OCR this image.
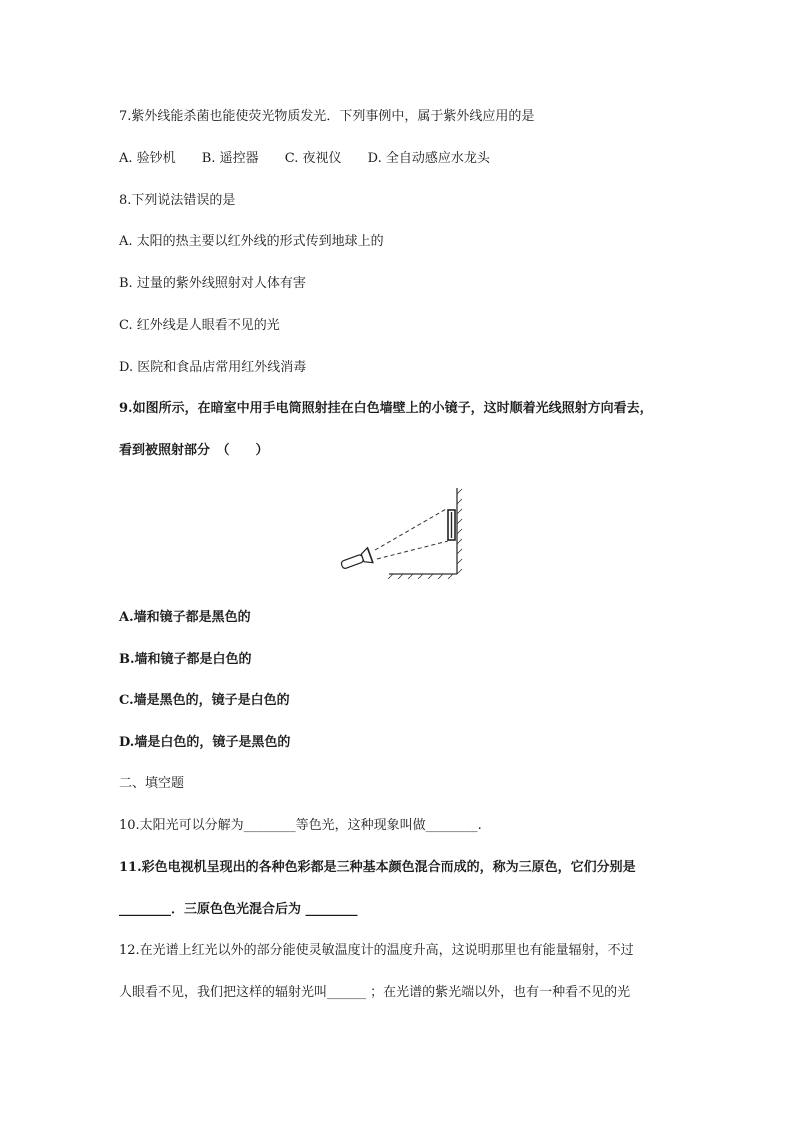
7.紫外线能杀菌也能使荧光物质发光．下列事例中，属于紫外线应用的是
A. 验钞机 B. 遥控器 C. 夜视仪 D. 全自动感应水龙头
8.下列说法错误的是
A. 太阳的热主要以红外线的形式传到地球上的
B. 过量的紫外线照射对人体有害
C. 红外线是人眼看不见的光
D. 医院和食品店常用红外线消毒
9.如图所示，在暗室中用手电筒照射挂在白色墙壁上的小镜子，这时顺着光线照射方向看去，
看到被照射部分　（　　）
A.墙和镜子都是黑色的
B.墙和镜子都是白色的
C.墙是黑色的，镜子是白色的
D.墙是白色的，镜子是黑色的
二、填空题
10.太阳光可以分解为________等色光，这种现象叫做________.
11.彩色电视机呈现出的各种色彩都是三种基本颜色混合而成的，称为三原色，它们分别是
________．三原色色光混合后为 ________
12.在光谱上红光以外的部分能使灵敏温度计的温度升高，这说明那里也有能量辐射，不过
人眼看不见，我们把这样的辐射光叫______ ；在光谱的紫光端以外，也有一种看不见的光
